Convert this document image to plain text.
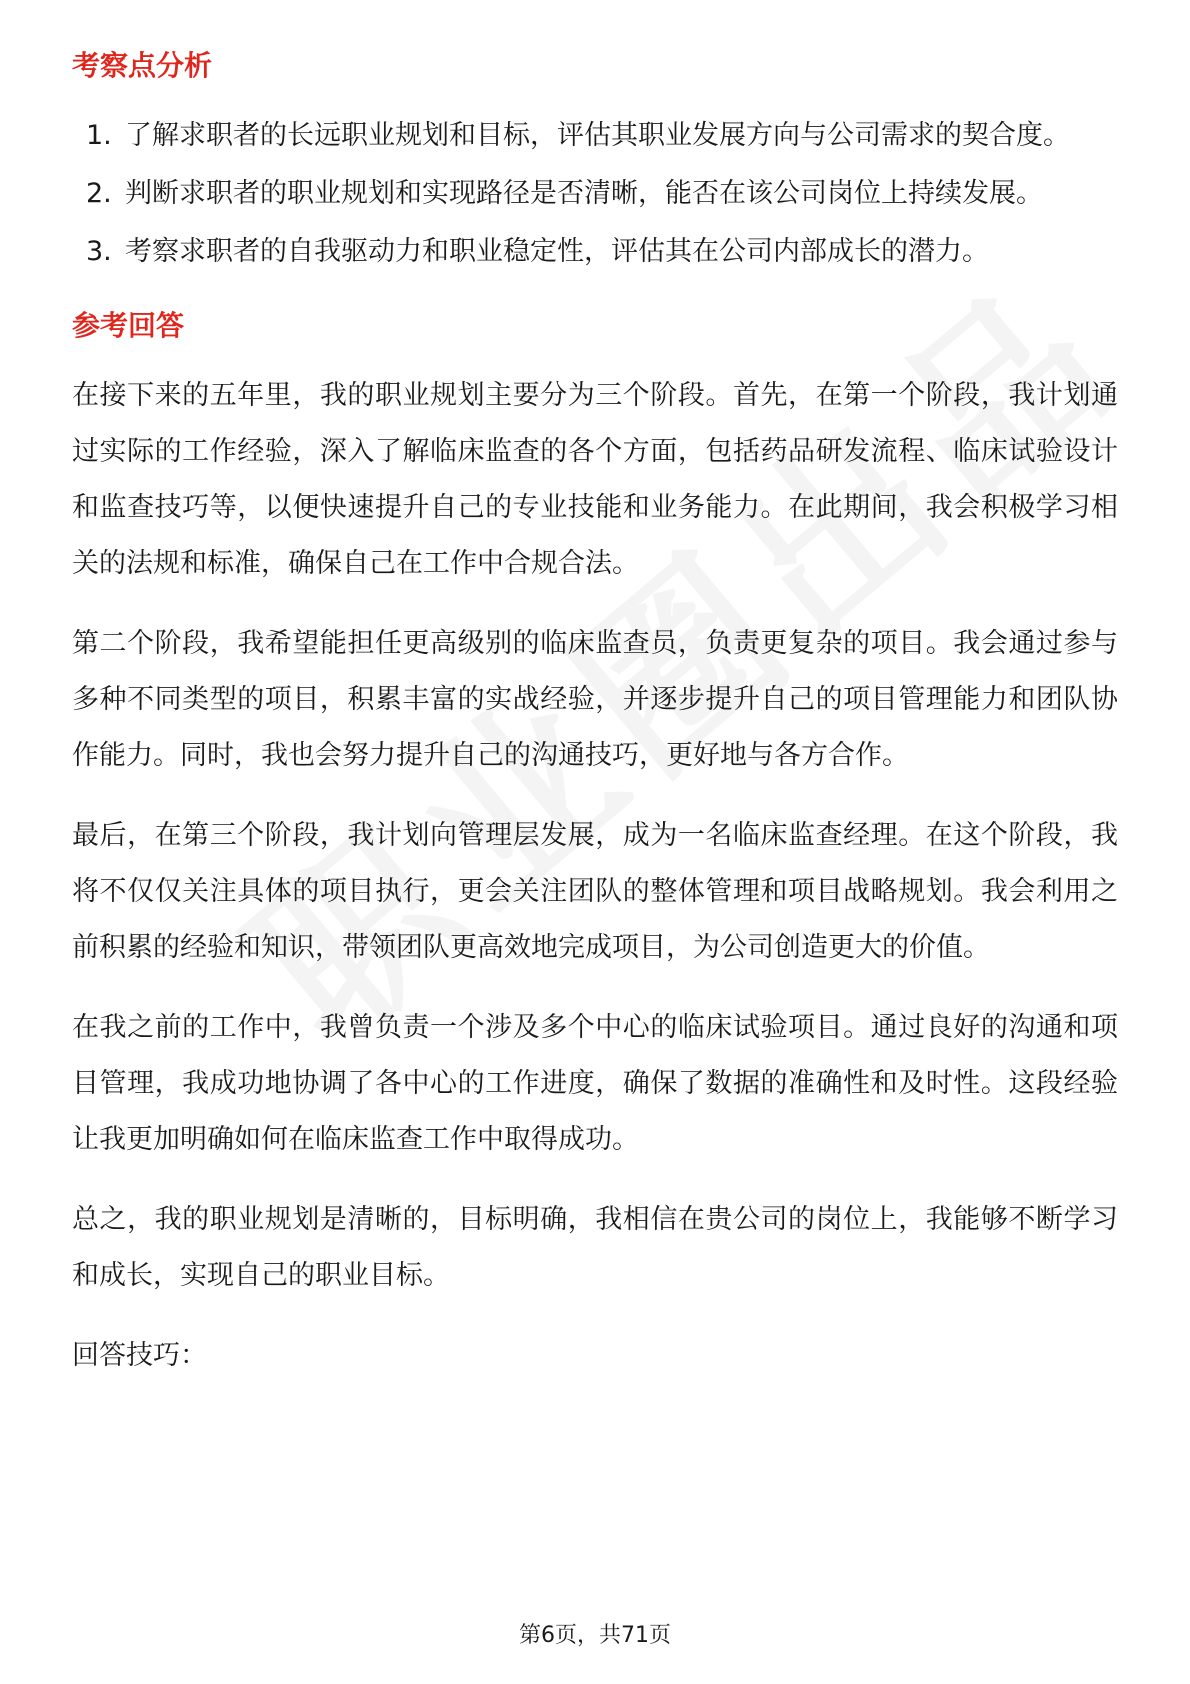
考察点分析
1. 了解求职者的长远职业规划和目标，评估其职业发展方向与公司需求的契合度。
2. 判断求职者的职业规划和实现路径是否清晰，能否在该公司岗位上持续发展。
3. 考察求职者的自我驱动力和职业稳定性，评估其在公司内部成长的潜力。
参考回答

在接下来的五年里，我的职业规划主要分为三个阶段。首先，在第一个阶段，我计划通过实际的工作经验，深入了解临床监查的各个方面，包括药品研发流程、临床试验设计和监查技巧等，以便快速提升自己的专业技能和业务能力。在此期间，我会积极学习相关的法规和标准，确保自己在工作中合规合法。

第二个阶段，我希望能担任更高级别的临床监查员，负责更复杂的项目。我会通过参与多种不同类型的项目，积累丰富的实战经验，并逐步提升自己的项目管理能力和团队协作能力。同时，我也会努力提升自己的沟通技巧，更好地与各方合作。

最后，在第三个阶段，我计划向管理层发展，成为一名临床监查经理。在这个阶段，我将不仅仅关注具体的项目执行，更会关注团队的整体管理和项目战略规划。我会利用之前积累的经验和知识，带领团队更高效地完成项目，为公司创造更大的价值。

在我之前的工作中，我曾负责一个涉及多个中心的临床试验项目。通过良好的沟通和项目管理，我成功地协调了各中心的工作进度，确保了数据的准确性和及时性。这段经验让我更加明确如何在临床监查工作中取得成功。

总之，我的职业规划是清晰的，目标明确，我相信在贵公司的岗位上，我能够不断学习和成长，实现自己的职业目标。

回答技巧：

第6页，共71页
